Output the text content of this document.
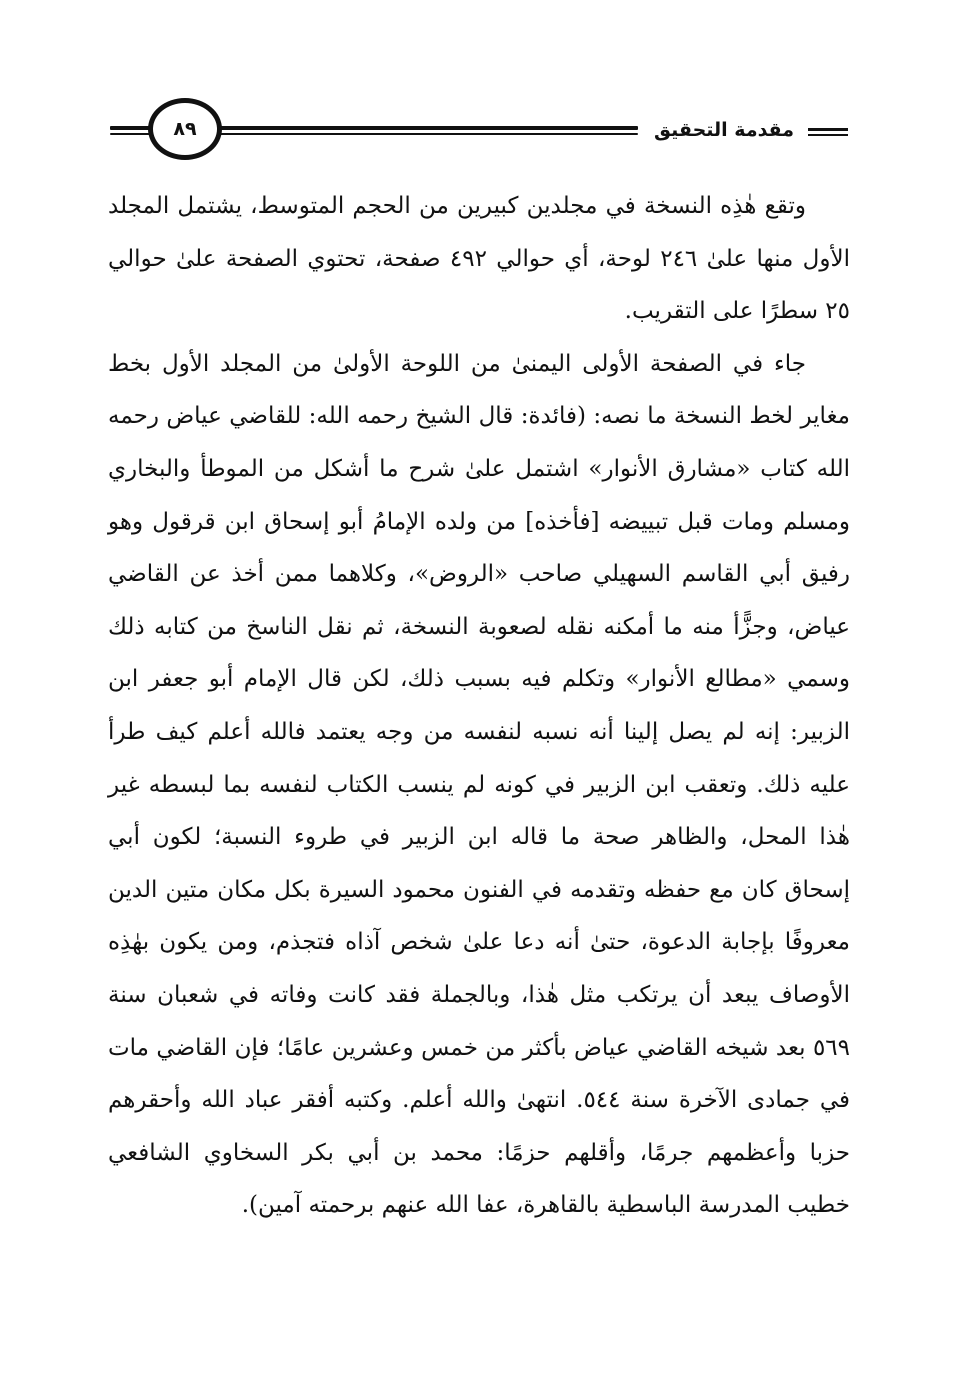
٨٩	مقدمة التحقيق

وتقع هٰذِه النسخة في مجلدين كبيرين من الحجم المتوسط، يشتمل المجلد الأول منها علىٰ ٢٤٦ لوحة، أي حوالي ٤٩٢ صفحة، تحتوي الصفحة علىٰ حوالي ٢٥ سطرًا على التقريب.

جاء في الصفحة الأولى اليمنىٰ من اللوحة الأولىٰ من المجلد الأول بخط مغاير لخط النسخة ما نصه: (فائدة: قال الشيخ رحمه الله: للقاضي عياض رحمه الله كتاب «مشارق الأنوار» اشتمل علىٰ شرح ما أشكل من الموطأ والبخاري ومسلم ومات قبل تبييضه [فأخذه] من ولده الإمامُ أبو إسحاق ابن قرقول وهو رفيق أبي القاسم السهيلي صاحب «الروض»، وكلاهما ممن أخذ عن القاضي عياض، وجزًّأ منه ما أمكنه نقله لصعوبة النسخة، ثم نقل الناسخ من كتابه ذلك وسمي «مطالع الأنوار» وتكلم فيه بسبب ذلك، لكن قال الإمام أبو جعفر ابن الزبير: إنه لم يصل إلينا أنه نسبه لنفسه من وجه يعتمد فالله أعلم كيف طرأ عليه ذلك. وتعقب ابن الزبير في كونه لم ينسب الكتاب لنفسه بما لبسطه غير هٰذا المحل، والظاهر صحة ما قاله ابن الزبير في طروء النسبة؛ لكون أبي إسحاق كان مع حفظه وتقدمه في الفنون محمود السيرة بكل مكان متين الدين معروفًا بإجابة الدعوة، حتىٰ أنه دعا علىٰ شخص آذاه فتجذم، ومن يكون بهٰذِه الأوصاف يبعد أن يرتكب مثل هٰذا، وبالجملة فقد كانت وفاته في شعبان سنة ٥٦٩ بعد شيخه القاضي عياض بأكثر من خمس وعشرين عامًا؛ فإن القاضي مات في جمادى الآخرة سنة ٥٤٤. انتهىٰ والله أعلم. وكتبه أفقر عباد الله وأحقرهم حزبا وأعظمهم جرمًا، وأقلهم حزمًا: محمد بن أبي بكر السخاوي الشافعي خطيب المدرسة الباسطية بالقاهرة، عفا الله عنهم برحمته آمين).
